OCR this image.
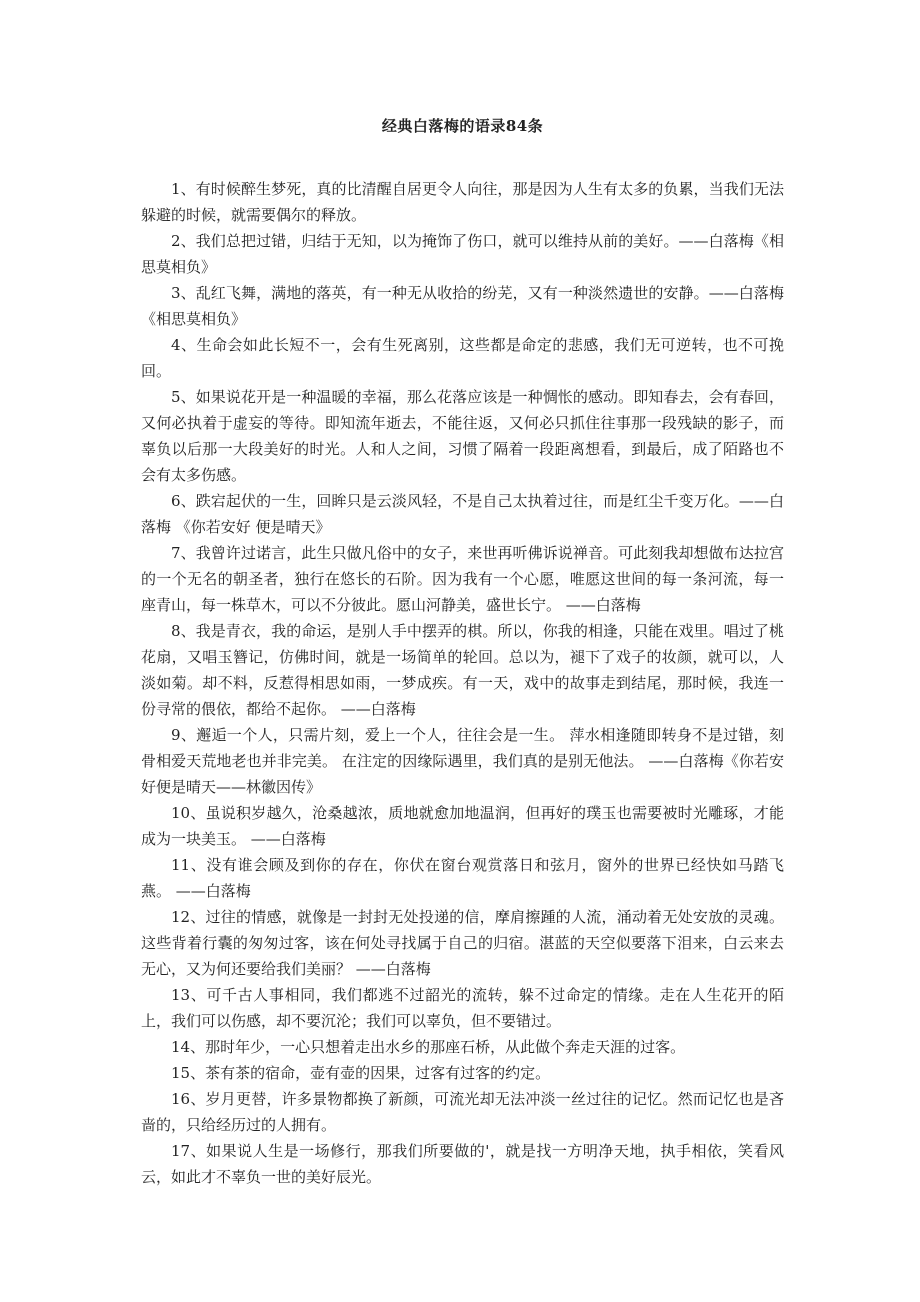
经典白落梅的语录84条

1、有时候醉生梦死，真的比清醒自居更令人向往，那是因为人生有太多的负累，当我们无法躲避的时候，就需要偶尔的释放。

2、我们总把过错，归结于无知，以为掩饰了伤口，就可以维持从前的美好。——白落梅《相思莫相负》

3、乱红飞舞，满地的落英，有一种无从收拾的纷芜，又有一种淡然遗世的安静。——白落梅《相思莫相负》

4、生命会如此长短不一，会有生死离别，这些都是命定的悲感，我们无可逆转，也不可挽回。

5、如果说花开是一种温暖的幸福，那么花落应该是一种惆怅的感动。即知春去，会有春回，又何必执着于虚妄的等待。即知流年逝去，不能往返，又何必只抓住往事那一段残缺的影子，而辜负以后那一大段美好的时光。人和人之间，习惯了隔着一段距离想看，到最后，成了陌路也不会有太多伤感。

6、跌宕起伏的一生，回眸只是云淡风轻，不是自己太执着过往，而是红尘千变万化。——白落梅 《你若安好 便是晴天》

7、我曾许过诺言，此生只做凡俗中的女子，来世再听佛诉说禅音。可此刻我却想做布达拉宫的一个无名的朝圣者，独行在悠长的石阶。因为我有一个心愿，唯愿这世间的每一条河流，每一座青山，每一株草木，可以不分彼此。愿山河静美，盛世长宁。 ——白落梅

8、我是青衣，我的命运，是别人手中摆弄的棋。所以，你我的相逢，只能在戏里。唱过了桃花扇，又唱玉簪记，仿佛时间，就是一场简单的轮回。总以为，褪下了戏子的妆颜，就可以，人淡如菊。却不料，反惹得相思如雨，一梦成疾。有一天，戏中的故事走到结尾，那时候，我连一份寻常的偎依，都给不起你。 ——白落梅

9、邂逅一个人，只需片刻，爱上一个人，往往会是一生。 萍水相逢随即转身不是过错，刻骨相爱天荒地老也并非完美。 在注定的因缘际遇里，我们真的是别无他法。 ——白落梅《你若安好便是晴天——林徽因传》

10、虽说积岁越久，沧桑越浓，质地就愈加地温润，但再好的璞玉也需要被时光雕琢，才能成为一块美玉。 ——白落梅

11、没有谁会顾及到你的存在，你伏在窗台观赏落日和弦月，窗外的世界已经快如马踏飞燕。 ——白落梅

12、过往的情感，就像是一封封无处投递的信，摩肩擦踵的人流，涌动着无处安放的灵魂。这些背着行囊的匆匆过客，该在何处寻找属于自己的归宿。湛蓝的天空似要落下泪来，白云来去无心，又为何还要给我们美丽？ ——白落梅

13、可千古人事相同，我们都逃不过韶光的流转，躲不过命定的情缘。走在人生花开的陌上，我们可以伤感，却不要沉沦；我们可以辜负，但不要错过。

14、那时年少，一心只想着走出水乡的那座石桥，从此做个奔走天涯的过客。

15、茶有茶的宿命，壶有壶的因果，过客有过客的约定。

16、岁月更替，许多景物都换了新颜，可流光却无法冲淡一丝过往的记忆。然而记忆也是吝啬的，只给经历过的人拥有。

17、如果说人生是一场修行，那我们所要做的'，就是找一方明净天地，执手相依，笑看风云，如此才不辜负一世的美好辰光。
